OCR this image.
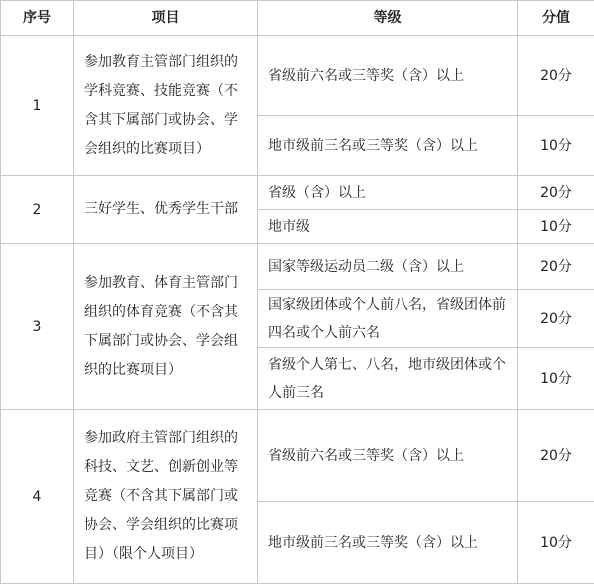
序号	项目	等级	分值
1	参加教育主管部门组织的学科竞赛、技能竞赛（不含其下属部门或协会、学会组织的比赛项目）	省级前六名或三等奖（含）以上	20分
		地市级前三名或三等奖（含）以上	10分
2	三好学生、优秀学生干部	省级（含）以上	20分
		地市级	10分
3	参加教育、体育主管部门组织的体育竞赛（不含其下属部门或协会、学会组织的比赛项目）	国家等级运动员二级（含）以上	20分
		国家级团体或个人前八名，省级团体前四名或个人前六名	20分
		省级个人第七、八名，地市级团体或个人前三名	10分
4	参加政府主管部门组织的科技、文艺、创新创业等竞赛（不含其下属部门或协会、学会组织的比赛项目）（限个人项目）	省级前六名或三等奖（含）以上	20分
		地市级前三名或三等奖（含）以上	10分
